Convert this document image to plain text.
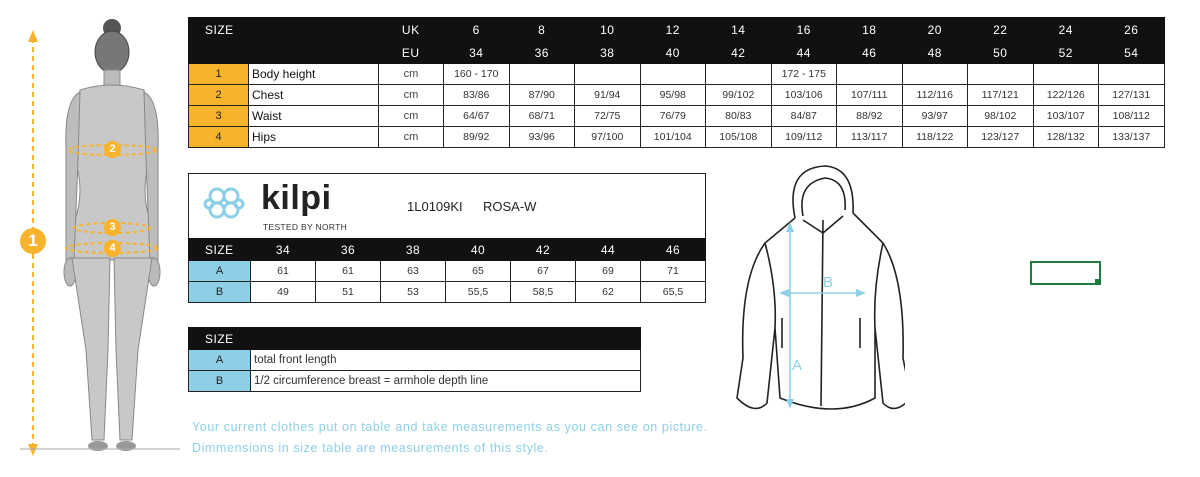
1
2
3
4
SIZE		UK	6	8	10	12	14	16	18	20	22	24	26
		EU	34	36	38	40	42	44	46	48	50	52	54
1	Body height	cm	160 - 170					172 - 175					
2	Chest	cm	83/86	87/90	91/94	95/98	99/102	103/106	107/111	112/116	117/121	122/126	127/131
3	Waist	cm	64/67	68/71	72/75	76/79	80/83	84/87	88/92	93/97	98/102	103/107	108/112
4	Hips	cm	89/92	93/96	97/100	101/104	105/108	109/112	113/117	118/122	123/127	128/132	133/137
kilpi
TESTED BY NORTH
1L0109KI ROSA-W
SIZE	34	36	38	40	42	44	46
A	61	61	63	65	67	69	71
B	49	51	53	55,5	58,5	62	65,5
SIZE	
A	total front length
B	1/2 circumference breast = armhole depth line
A
B
Your current clothes put on table and take measurements as you can see on picture.
Dimmensions in size table are measurements of this style.
